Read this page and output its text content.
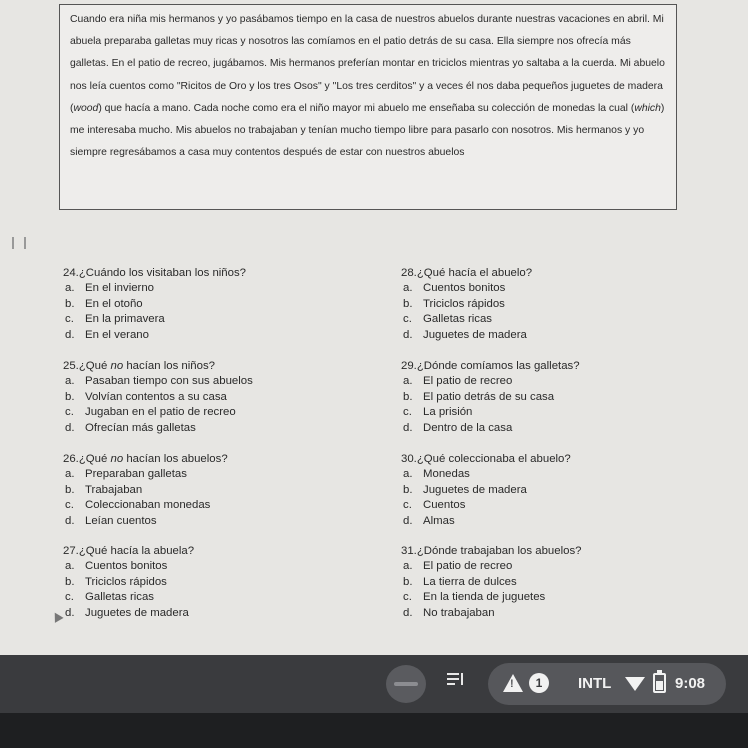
Cuando era niña mis hermanos y yo pasábamos tiempo en la casa de nuestros abuelos durante nuestras vacaciones en abril. Mi abuela preparaba galletas muy ricas y nosotros las comíamos en el patio detrás de su casa. Ella siempre nos ofrecía más galletas. En el patio de recreo, jugábamos. Mis hermanos preferían montar en triciclos mientras yo saltaba a la cuerda. Mi abuelo nos leía cuentos como "Ricitos de Oro y los tres Osos" y "Los tres cerditos" y a veces él nos daba pequeños juguetes de madera (wood) que hacía a mano. Cada noche como era el niño mayor mi abuelo me enseñaba su colección de monedas la cual (which) me interesaba mucho. Mis abuelos no trabajaban y tenían mucho tiempo libre para pasarlo con nosotros. Mis hermanos y yo siempre regresábamos a casa muy contentos después de estar con nuestros abuelos
24.¿Cuándo los visitaban los niños?
a. En el invierno
b. En el otoño
c. En la primavera
d. En el verano
25.¿Qué no hacían los niños?
a. Pasaban tiempo con sus abuelos
b. Volvían contentos a su casa
c. Jugaban en el patio de recreo
d. Ofrecían más galletas
26.¿Qué no hacían los abuelos?
a. Preparaban galletas
b. Trabajaban
c. Coleccionaban monedas
d. Leían cuentos
27.¿Qué hacía la abuela?
a. Cuentos bonitos
b. Triciclos rápidos
c. Galletas ricas
d. Juguetes de madera
28.¿Qué hacía el abuelo?
a. Cuentos bonitos
b. Triciclos rápidos
c. Galletas ricas
d. Juguetes de madera
29.¿Dónde comíamos las galletas?
a. El patio de recreo
b. El patio detrás de su casa
c. La prisión
d. Dentro de la casa
30.¿Qué coleccionaba el abuelo?
a. Monedas
b. Juguetes de madera
c. Cuentos
d. Almas
31.¿Dónde trabajaban los abuelos?
a. El patio de recreo
b. La tierra de dulces
c. En la tienda de juguetes
d. No trabajaban
!
1	INTL	9:08
